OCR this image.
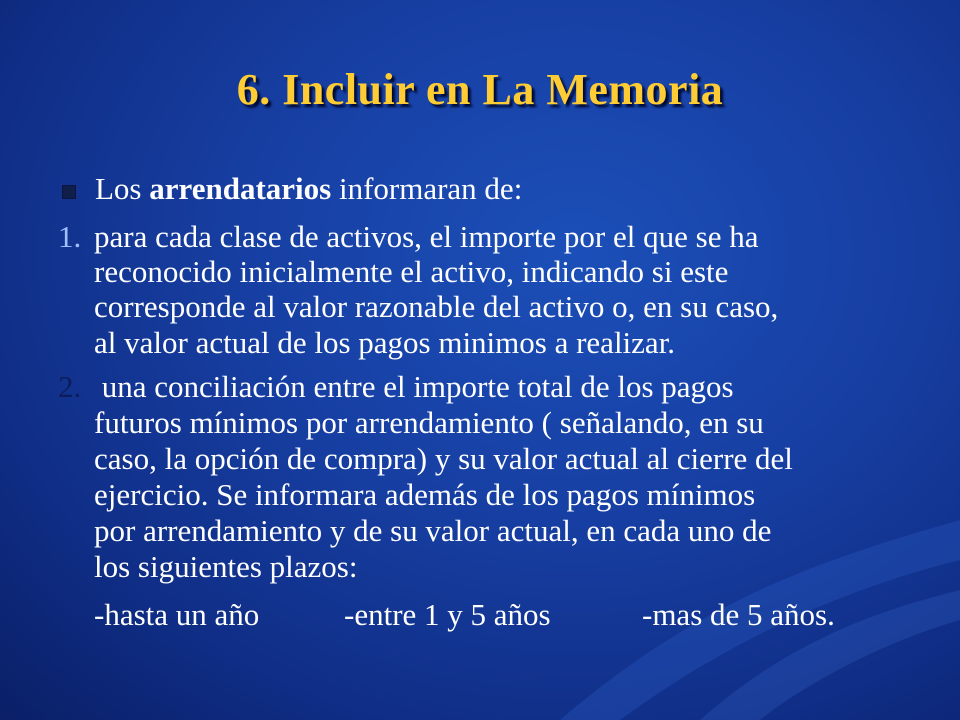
6. Incluir en La Memoria
Los arrendatarios informaran de:
1. para cada clase de activos, el importe por el que se ha
reconocido inicialmente el activo, indicando si este
corresponde al valor razonable del activo o, en su caso,
al valor actual de los pagos minimos a realizar.
2. una conciliación entre el importe total de los pagos
futuros mínimos por arrendamiento ( señalando, en su
caso, la opción de compra) y su valor actual al cierre del
ejercicio. Se informara además de los pagos mínimos
por arrendamiento y de su valor actual, en cada uno de
los siguientes plazos:
-hasta un año	-entre 1 y 5 años	-mas de 5 años.
